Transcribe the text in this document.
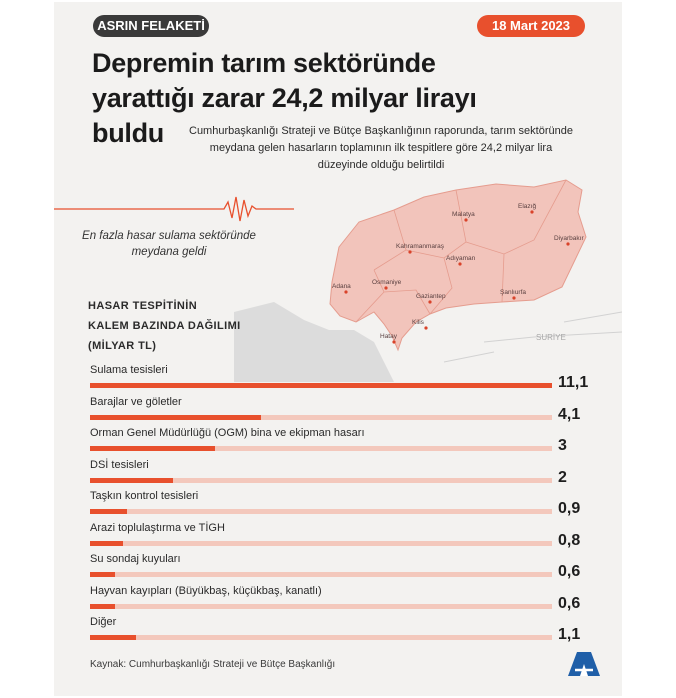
ASRIN FELAKETİ	18 Mart 2023
Depremin tarım sektöründe
yarattığı zarar 24,2 milyar lirayı
buldu	Cumhurbaşkanlığı Strateji ve Bütçe Başkanlığının raporunda, tarım sektöründe meydana gelen hasarların toplamının ilk tespitlere göre 24,2 milyar lira düzeyinde olduğu belirtildi
SURİYE
Malatya
Elazığ
Diyarbakır
Kahramanmaraş
Adıyaman
Adana
Osmaniye
Gaziantep
Şanlıurfa
Kilis
Hatay
En fazla hasar sulama sektöründe meydana geldi
HASAR TESPİTİNİN
KALEM BAZINDA DAĞILIMI
(MİLYAR TL)
Sulama tesisleri
11,1
Barajlar ve göletler
4,1
Orman Genel Müdürlüğü (OGM) bina ve ekipman hasarı
3
DSİ tesisleri
2
Taşkın kontrol tesisleri
0,9
Arazi toplulaştırma ve TİGH
0,8
Su sondaj kuyuları
0,6
Hayvan kayıpları (Büyükbaş, küçükbaş, kanatlı)
0,6
Diğer
1,1
Kaynak: Cumhurbaşkanlığı Strateji ve Bütçe Başkanlığı
